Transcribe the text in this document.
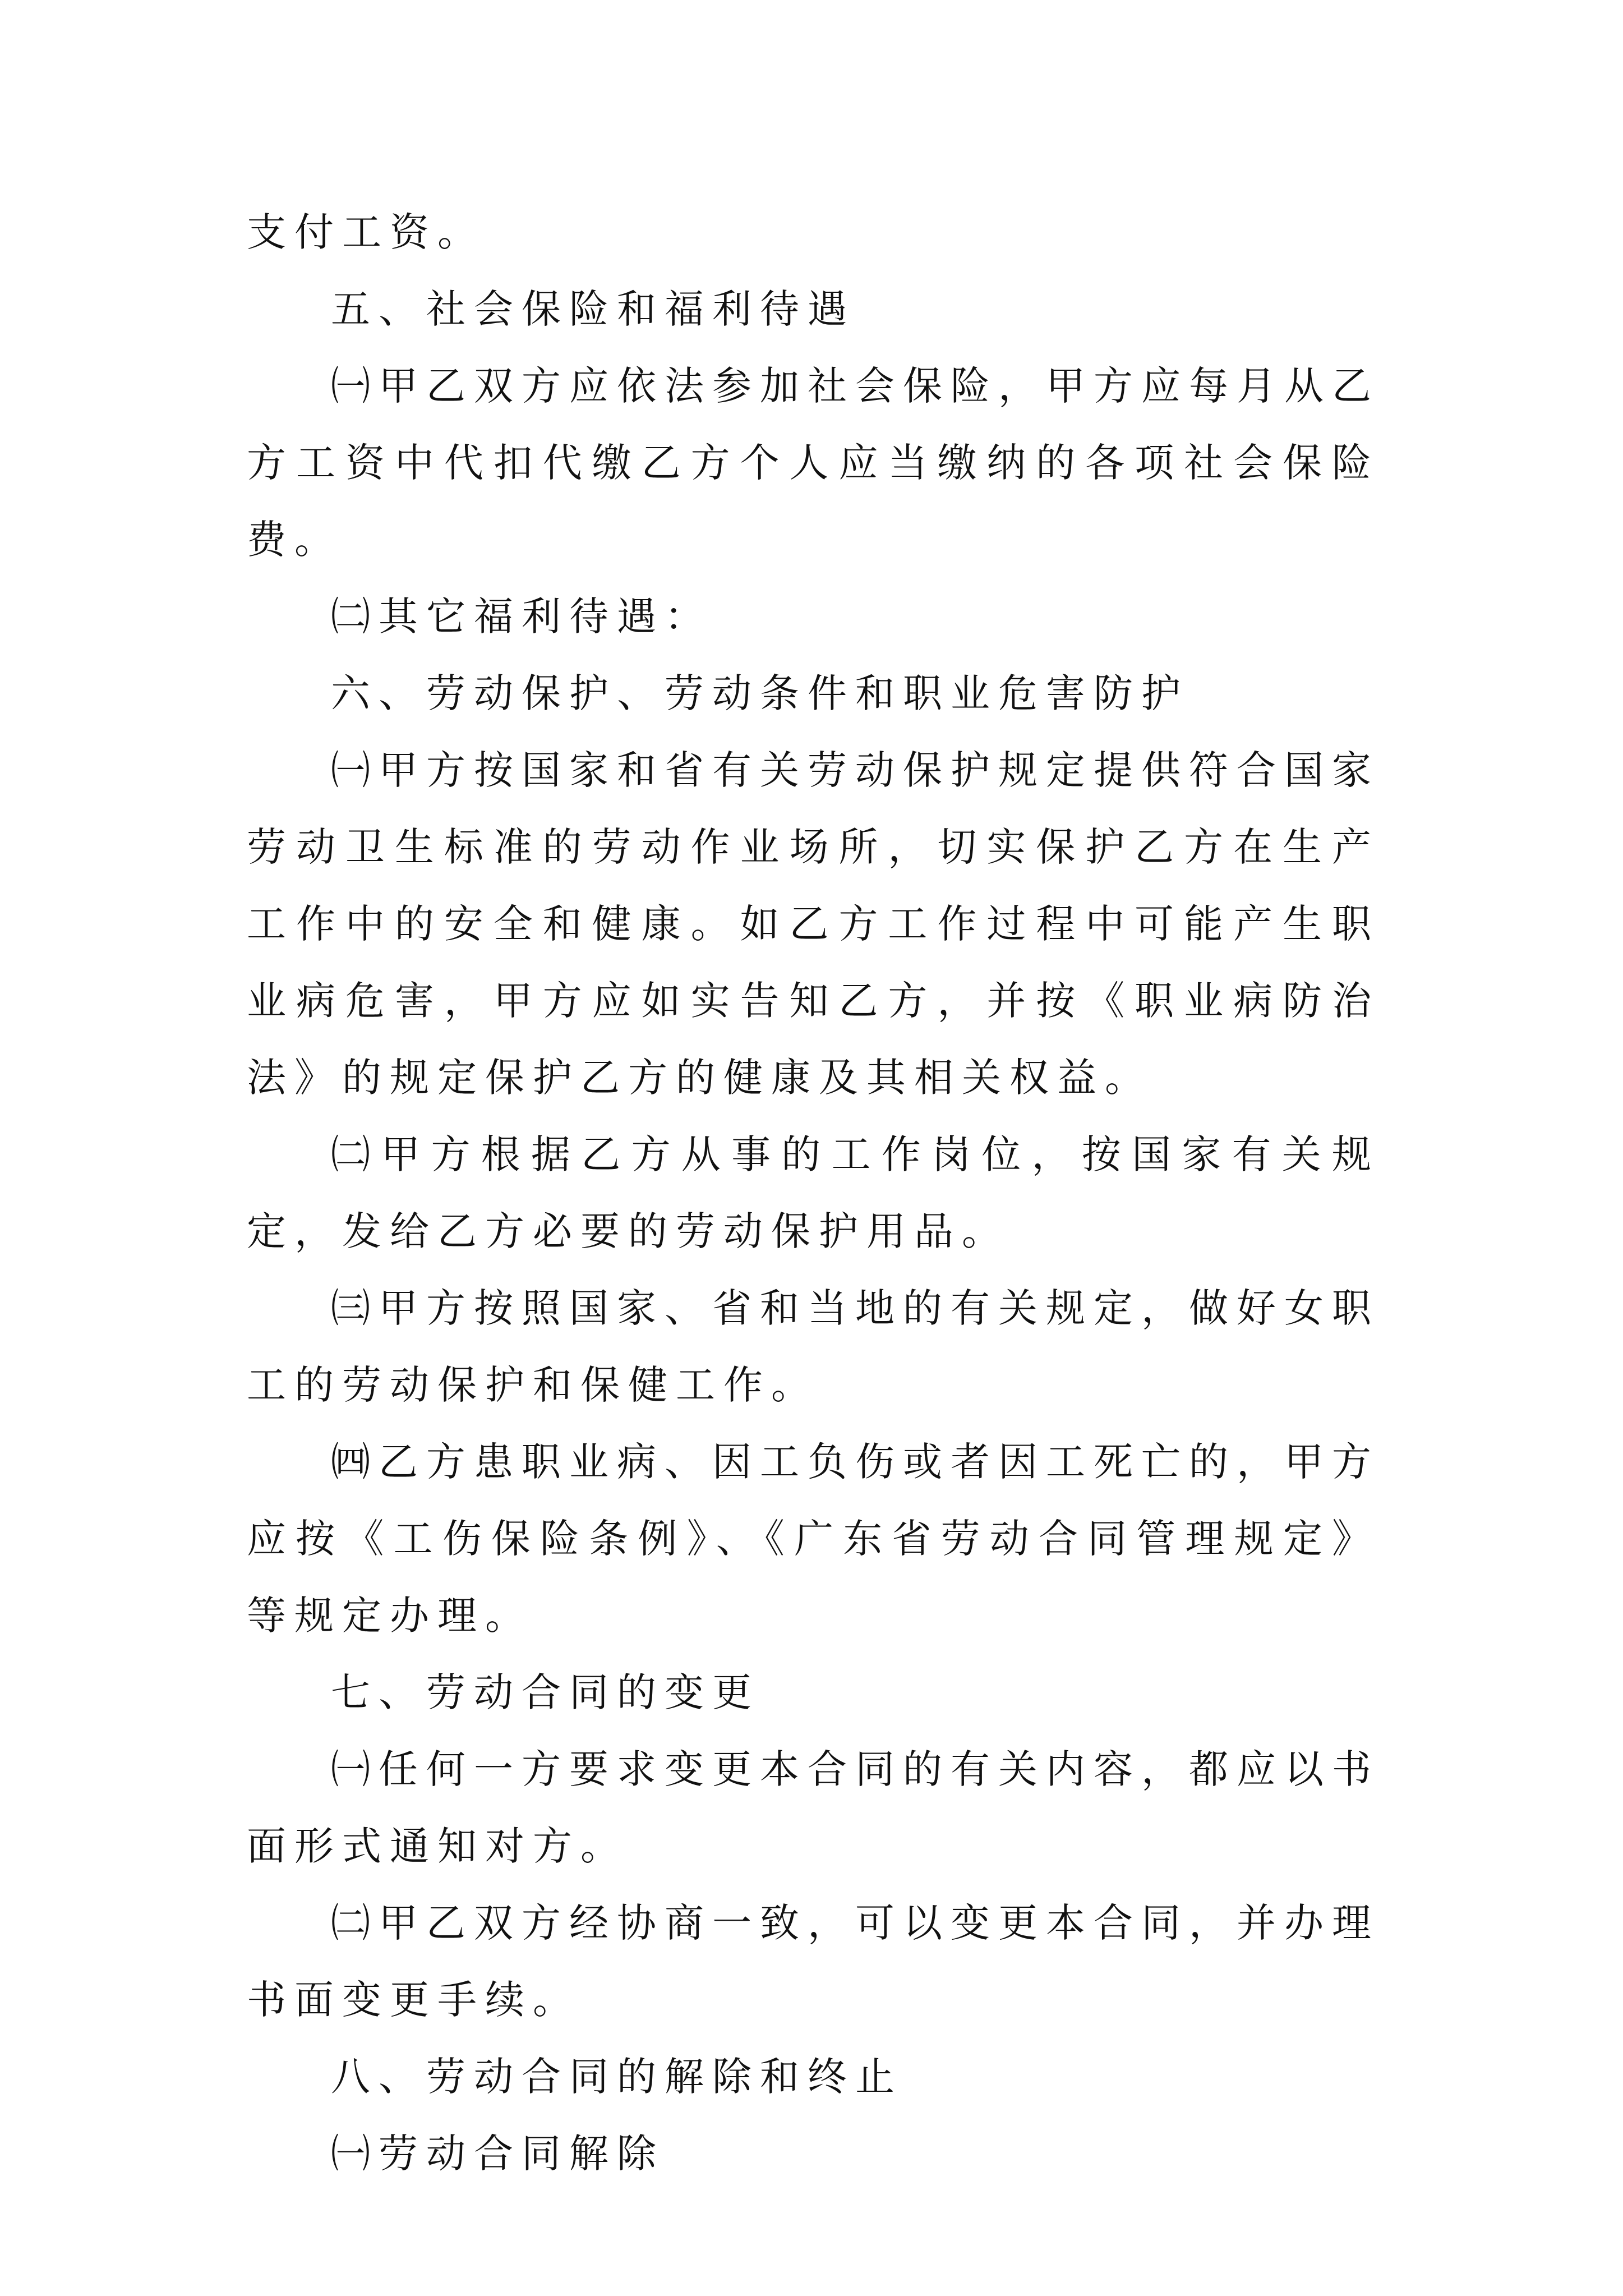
支付工资。

五、社会保险和福利待遇

㈠甲乙双方应依法参加社会保险，甲方应每月从乙方工资中代扣代缴乙方个人应当缴纳的各项社会保险费。

㈡其它福利待遇：

六、劳动保护、劳动条件和职业危害防护

㈠甲方按国家和省有关劳动保护规定提供符合国家劳动卫生标准的劳动作业场所，切实保护乙方在生产工作中的安全和健康。如乙方工作过程中可能产生职业病危害，甲方应如实告知乙方，并按《职业病防治法》的规定保护乙方的健康及其相关权益。

㈡甲方根据乙方从事的工作岗位，按国家有关规定，发给乙方必要的劳动保护用品。

㈢甲方按照国家、省和当地的有关规定，做好女职工的劳动保护和保健工作。

㈣乙方患职业病、因工负伤或者因工死亡的，甲方应按《工伤保险条例》、《广东省劳动合同管理规定》等规定办理。

七、劳动合同的变更

㈠任何一方要求变更本合同的有关内容，都应以书面形式通知对方。

㈡甲乙双方经协商一致，可以变更本合同，并办理书面变更手续。

八、劳动合同的解除和终止

㈠劳动合同解除
